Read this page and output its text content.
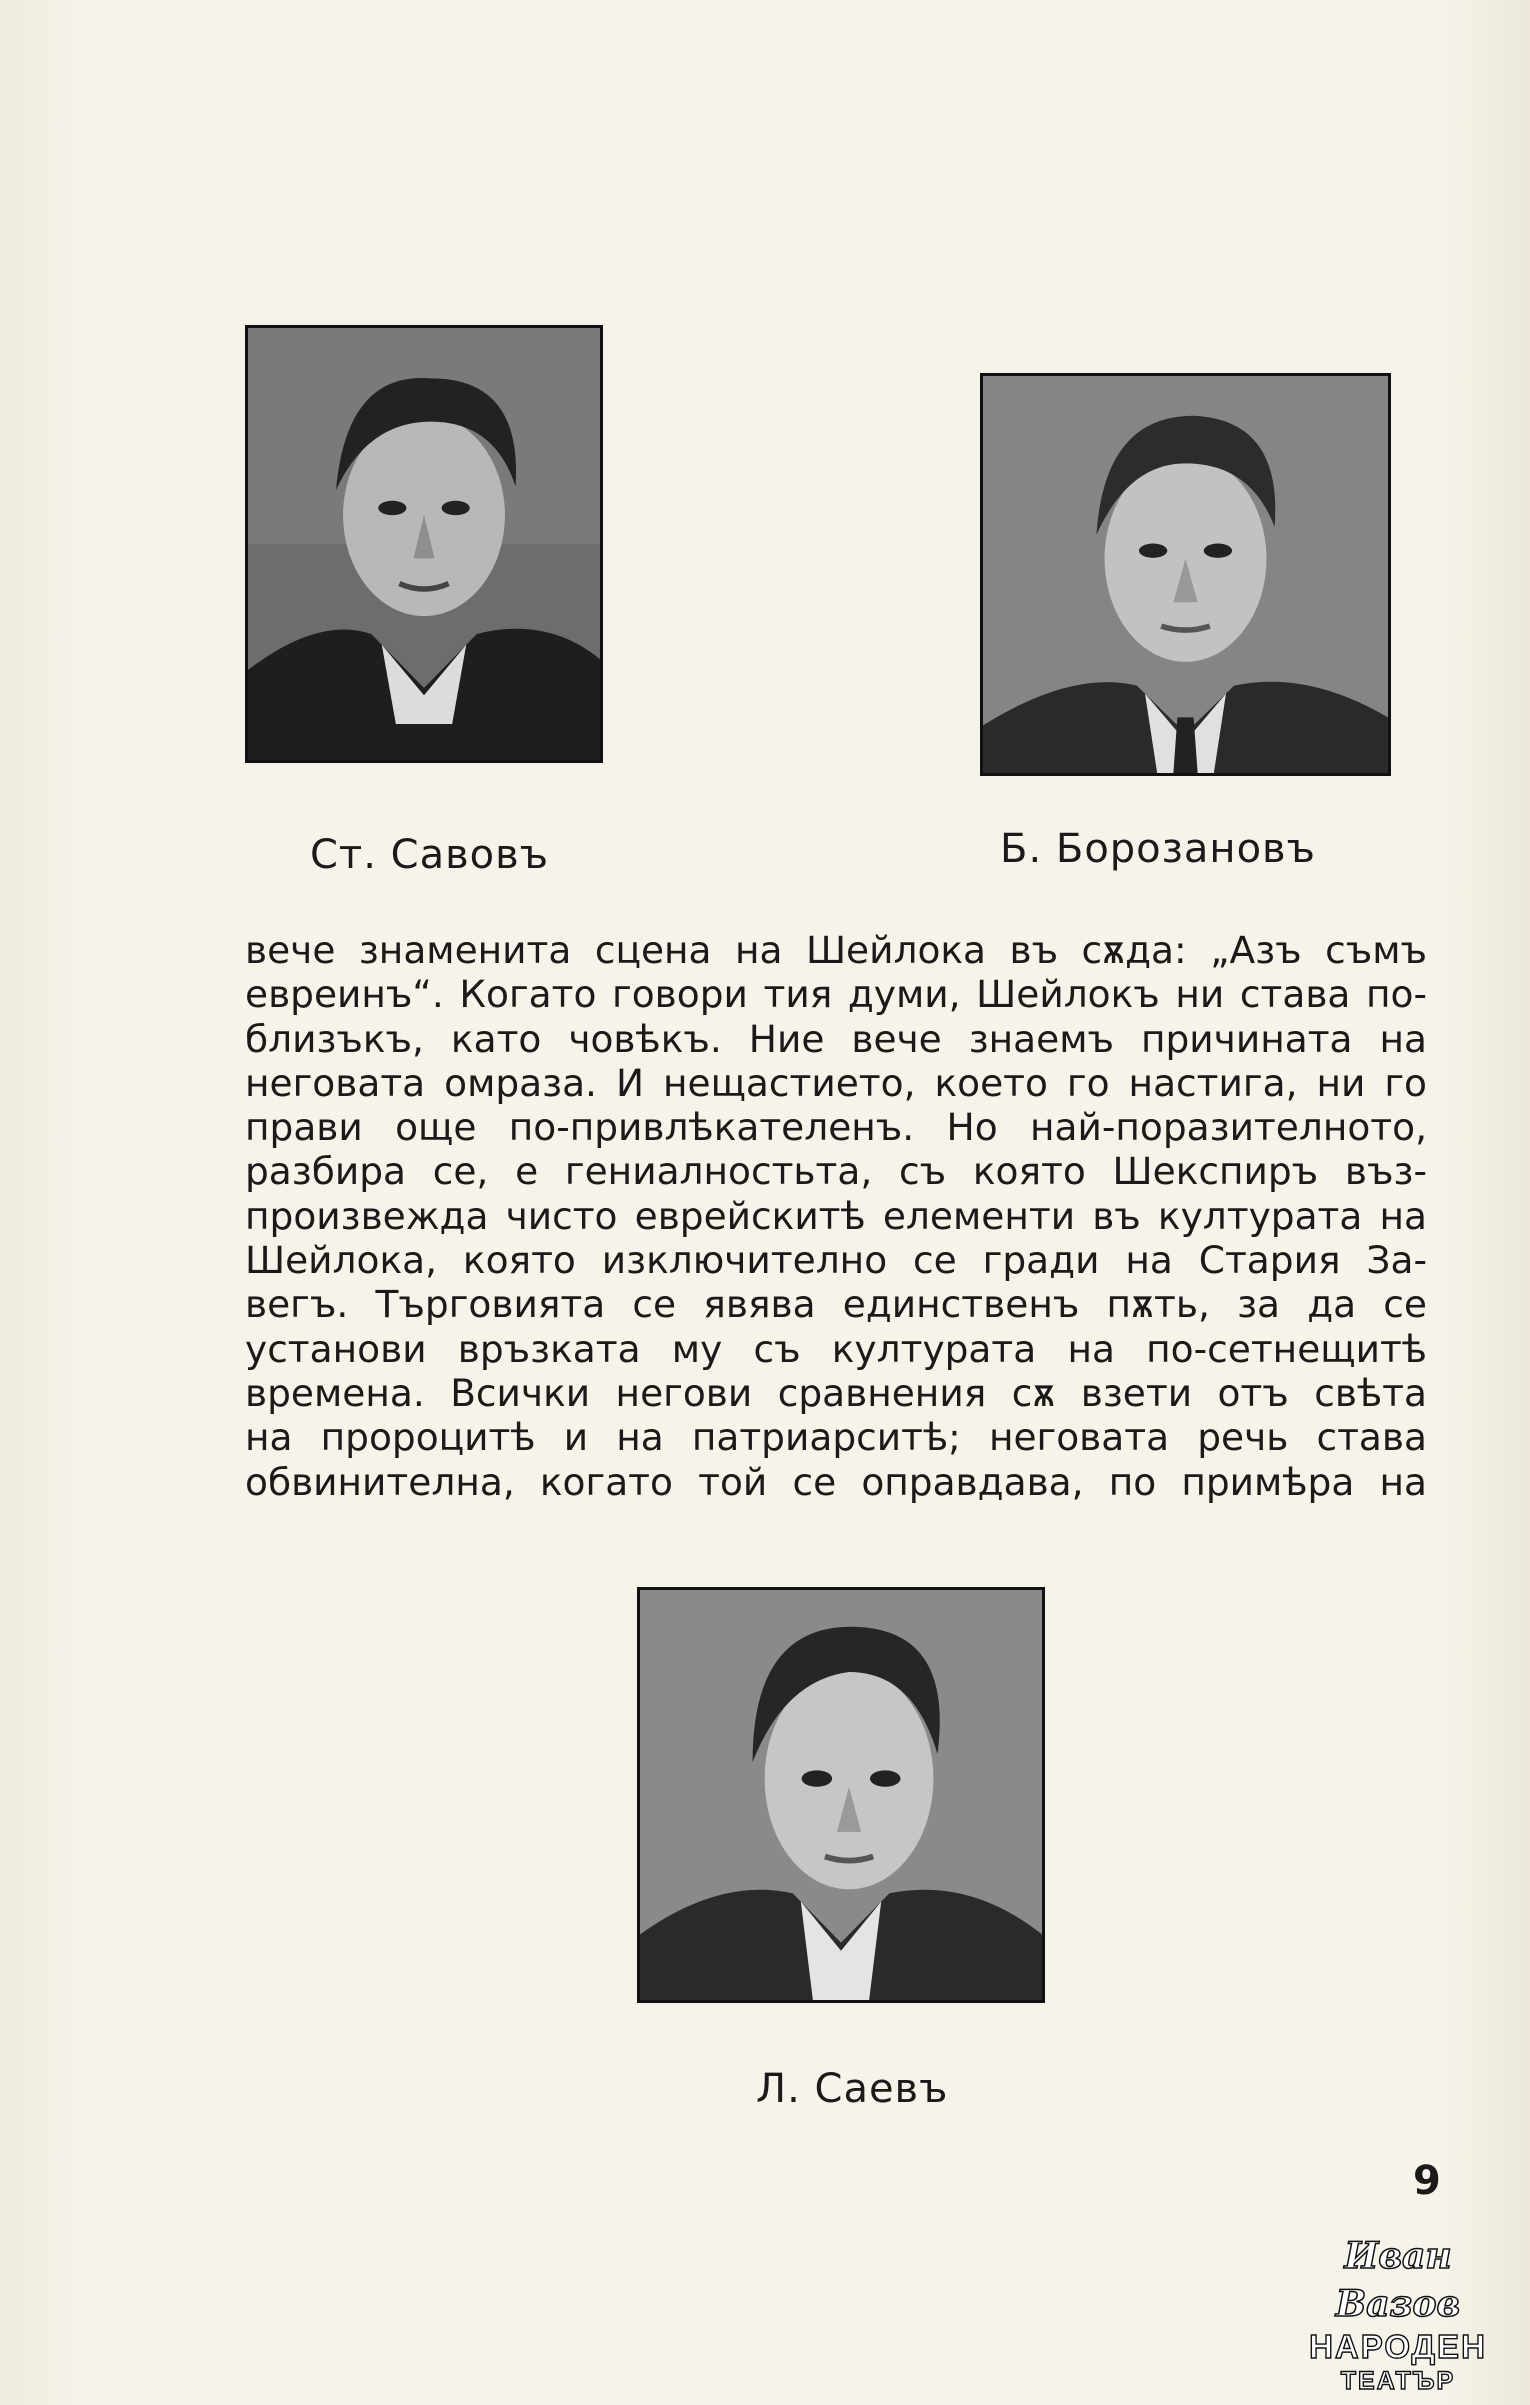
Ст. Савовъ	Б. Борозановъ
Л. Саевъ
вече знаменита сцена на Шейлока въ сѫда: „Азъ съмъ
евреинъ“. Когато говори тия думи, Шейлокъ ни става по-
близъкъ, като човѣкъ. Ние вече знаемъ причината на
неговата омраза. И нещастието, което го настига, ни го
прави още по-привлѣкателенъ. Но най-поразителното,
разбира се, е гениалностьта, съ която Шекспиръ въз-
произвежда чисто еврейскитѣ елементи въ културата на
Шейлока, която изключително се гради на Стария За-
вегъ. Търговията се явява единственъ пѫть, за да се
установи връзката му съ културата на по-сетнещитѣ
времена. Всички негови сравнения сѫ взети отъ свѣта
на пророцитѣ и на патриарситѣ; неговата речь става
обвинителна, когато той се оправдава, по примѣра на
9
Иван Вазов
НАРОДЕН
ТЕАТЪР
